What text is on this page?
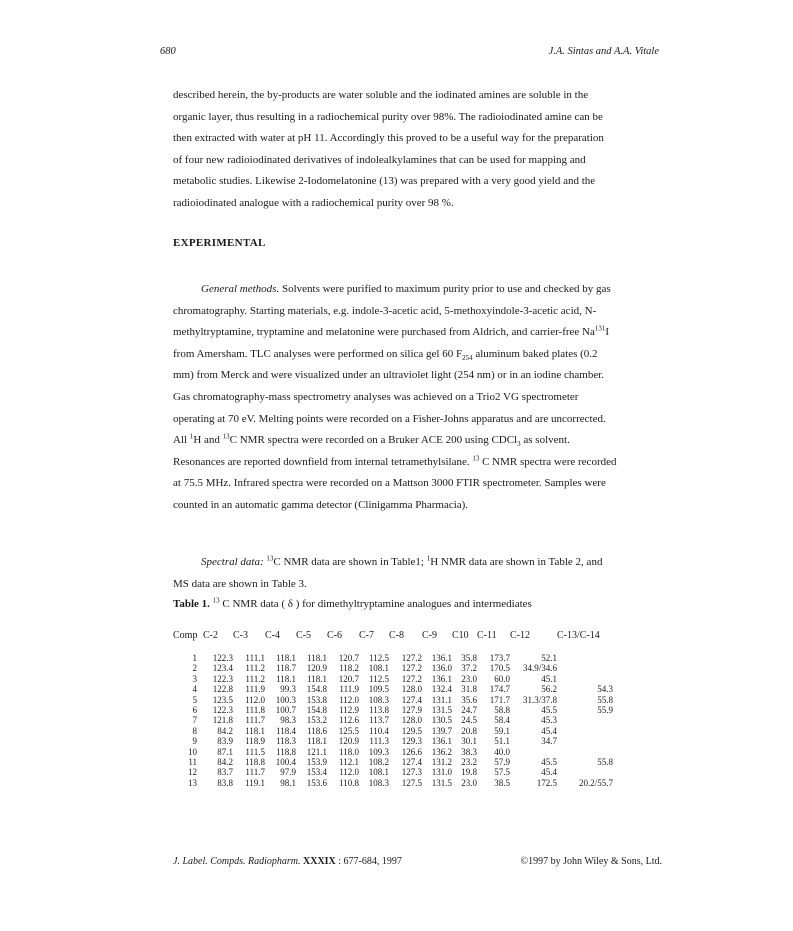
680	J.A. Sintas and A.A. Vitale

described herein, the by-products are water soluble and the iodinated amines are soluble in the

organic layer, thus resulting in a radiochemical purity over 98%. The radioiodinated amine can be

then extracted with water at pH 11. Accordingly this proved to be a useful way for the preparation

of four new radioiodinated derivatives of indolealkylamines that can be used for mapping and

metabolic studies. Likewise 2-Iodomelatonine (13) was prepared with a very good yield and the

radioiodinated analogue with a radiochemical purity over 98 %.

EXPERIMENTAL

General methods. Solvents were purified to maximum purity prior to use and checked by gas

chromatography. Starting materials, e.g. indole-3-acetic acid, 5-methoxyindole-3-acetic acid, N-

methyltryptamine, tryptamine and melatonine were purchased from Aldrich, and carrier-free Na$^{131}$I

from Amersham. TLC analyses were performed on silica gel 60 $F_{254}$ aluminum baked plates (0.2

mm) from Merck and were visualized under an ultraviolet light (254 nm) or in an iodine chamber.

Gas chromatography-mass spectrometry analyses was achieved on a Trio2 VG spectrometer

operating at 70 eV. Melting points were recorded on a Fisher-Johns apparatus and are uncorrected.

All $^1$H and $^{13}$C NMR spectra were recorded on a Bruker ACE 200 using CDCl$_3$ as solvent.

Resonances are reported downfield from internal tetramethylsilane. $^{13}$ C NMR spectra were recorded

at 75.5 MHz. Infrared spectra were recorded on a Mattson 3000 FTIR spectrometer. Samples were

counted in an automatic gamma detector (Clinigamma Pharmacia).

Spectral data: $^{13}$C NMR data are shown in Table1; $^1$H NMR data are shown in Table 2, and

MS data are shown in Table 3.

Table 1. $^{13}$ C NMR data ( δ ) for dimethyltryptamine analogues and intermediates
Comp	C-2	C-3	C-4	C-5	C-6	C-7	C-8	C-9	C10	C-11	C-12	C-13/C-14

1	122.3	111.1	118.1	118.1	120.7	112.5	127.2	136.1	35.8	173.7	52.1	
2	123.4	111.2	118.7	120.9	118.2	108.1	127.2	136.0	37.2	170.5	34.9/34.6	
3	122.3	111.2	118.1	118.1	120.7	112.5	127.2	136.1	23.0	60.0	45.1	
4	122.8	111.9	99.3	154.8	111.9	109.5	128.0	132.4	31.8	174.7	56.2	54.3
5	123.5	112.0	100.3	153.8	112.0	108.3	127.4	131.1	35.6	171.7	31.3/37.8	55.8
6	122.3	111.8	100.7	154.8	112.9	113.8	127.9	131.5	24.7	58.8	45.5	55.9
7	121.8	111.7	98.3	153.2	112.6	113.7	128.0	130.5	24.5	58.4	45.3	
8	84.2	118.1	118.4	118.6	125.5	110.4	129.5	139.7	20.8	59.1	45.4	
9	83.9	118.9	118.3	118.1	120.9	111.3	129.3	136.1	30.1	51.1	34.7	
10	87.1	111.5	118.8	121.1	118.0	109.3	126.6	136.2	38.3	40.0		
11	84.2	118.8	100.4	153.9	112.1	108.2	127.4	131.2	23.2	57.9	45.5	55.8
12	83.7	111.7	97.9	153.4	112.0	108.1	127.3	131.0	19.8	57.5	45.4	
13	83.8	119.1	98.1	153.6	110.8	108.3	127.5	131.5	23.0	38.5	172.5	20.2/55.7
J. Label. Compds. Radiopharm. XXXIX : 677-684, 1997	©1997 by John Wiley & Sons, Ltd.
